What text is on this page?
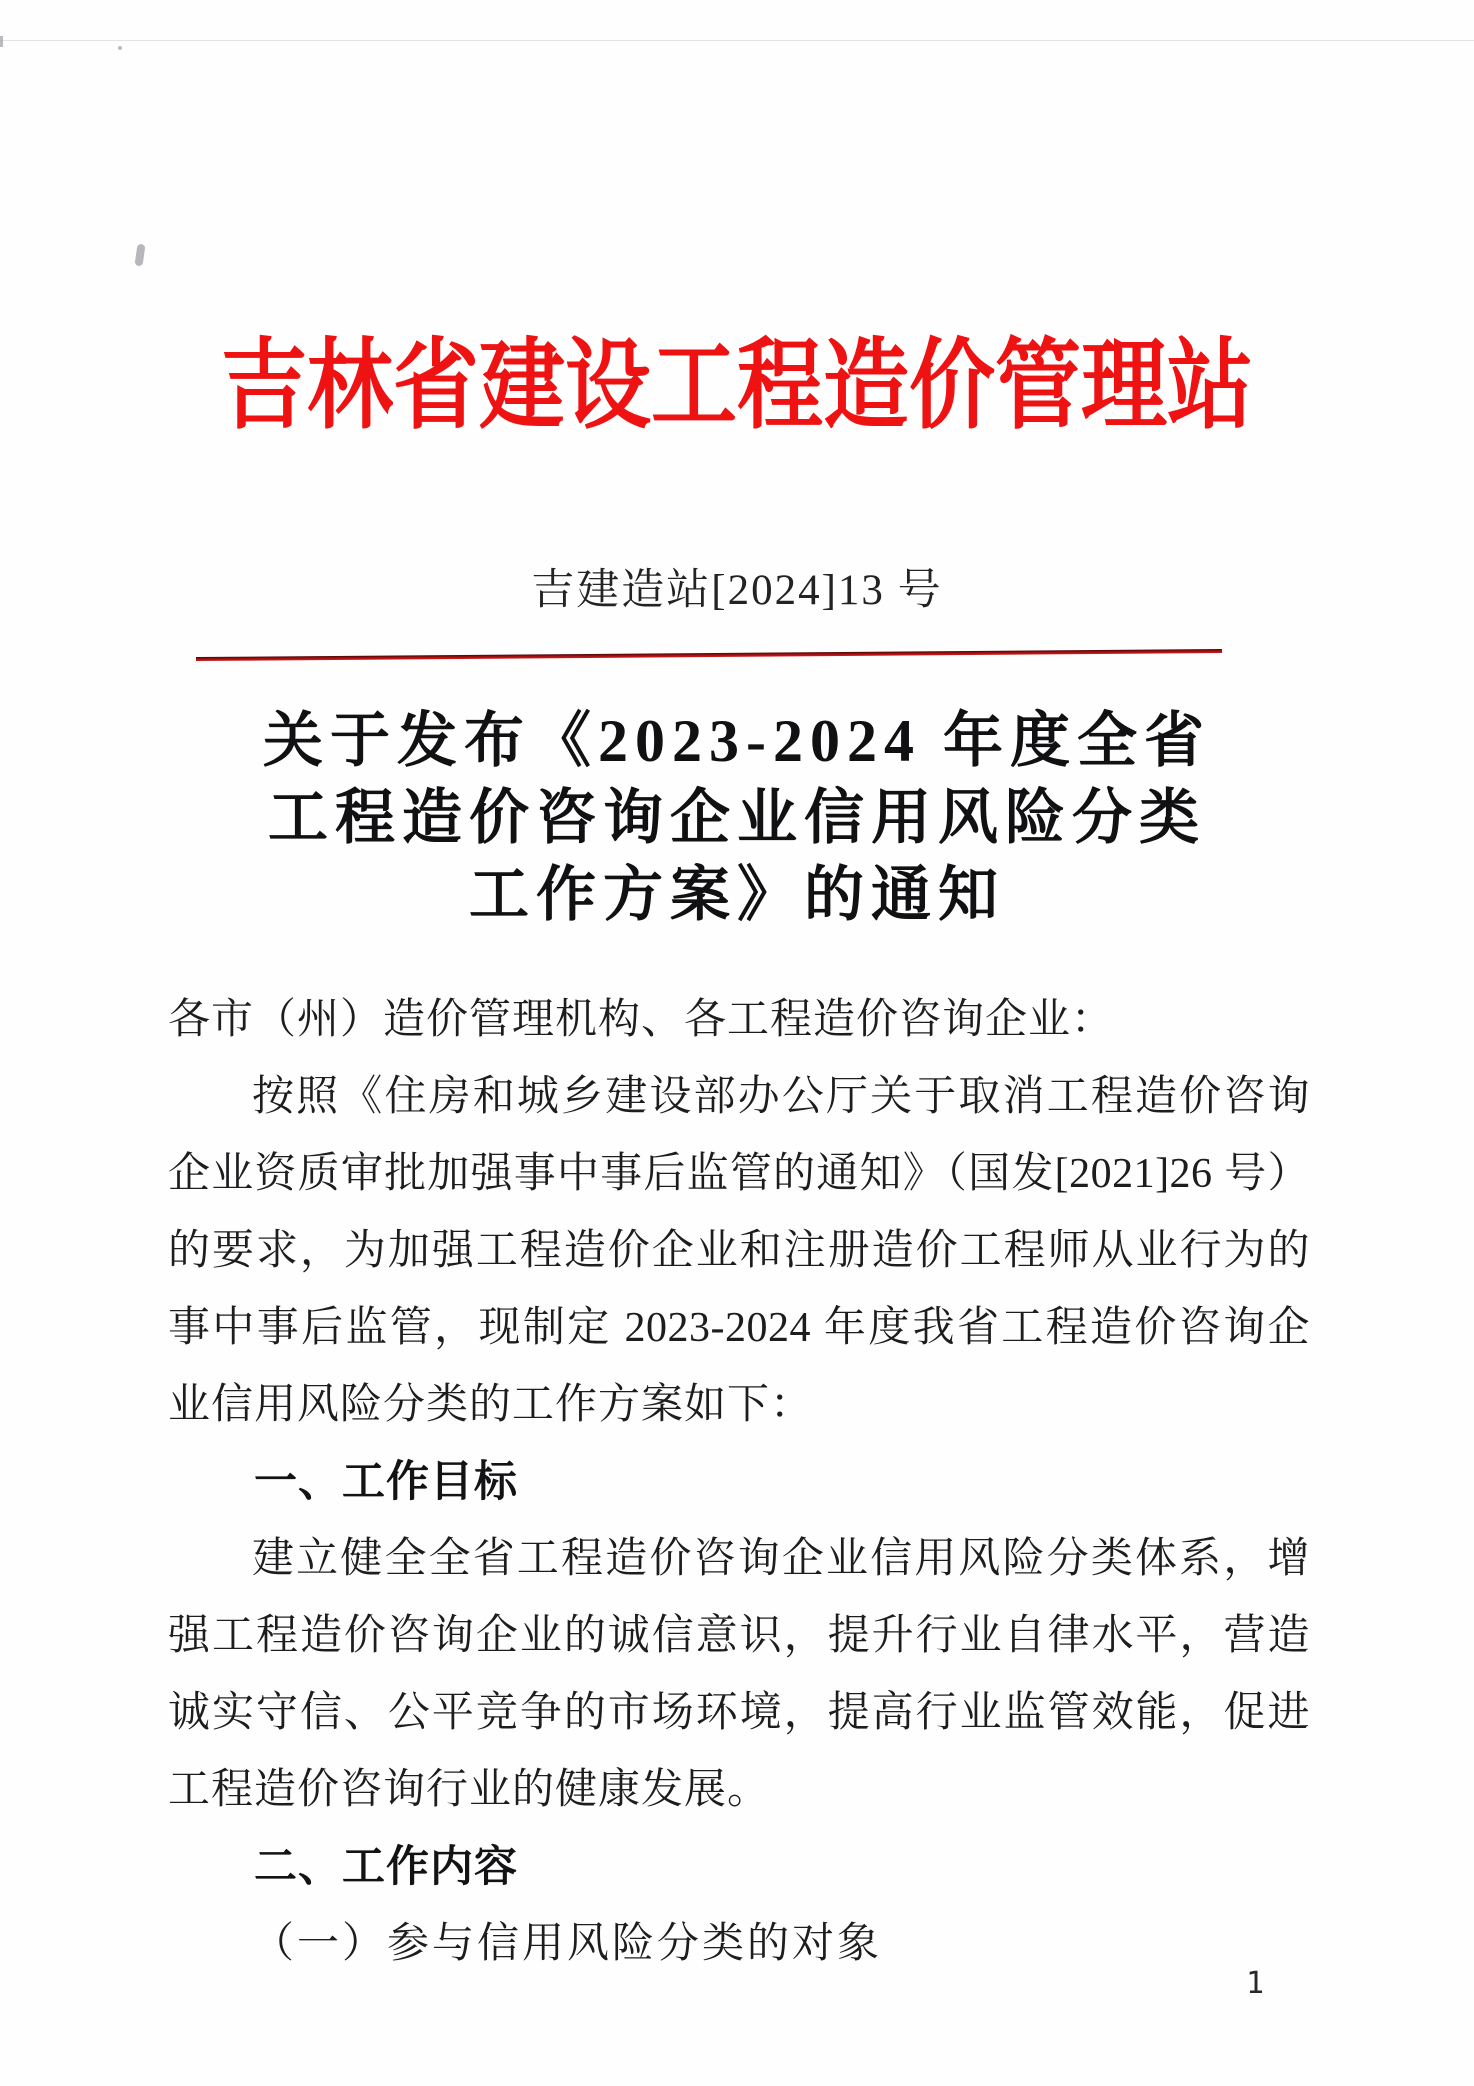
吉林省建设工程造价管理站
吉建造站[2024]13 号
关于发布《2023-2024 年度全省
工程造价咨询企业信用风险分类
工作方案》的通知
各市（州）造价管理机构、各工程造价咨询企业：
按照《住房和城乡建设部办公厅关于取消工程造价咨询
企业资质审批加强事中事后监管的通知》（国发[2021]26 号）
的要求，为加强工程造价企业和注册造价工程师从业行为的
事中事后监管，现制定 2023-2024 年度我省工程造价咨询企
业信用风险分类的工作方案如下：
一、工作目标
建立健全全省工程造价咨询企业信用风险分类体系，增
强工程造价咨询企业的诚信意识，提升行业自律水平，营造
诚实守信、公平竞争的市场环境，提高行业监管效能，促进
工程造价咨询行业的健康发展。
二、工作内容
（一）参与信用风险分类的对象
1
